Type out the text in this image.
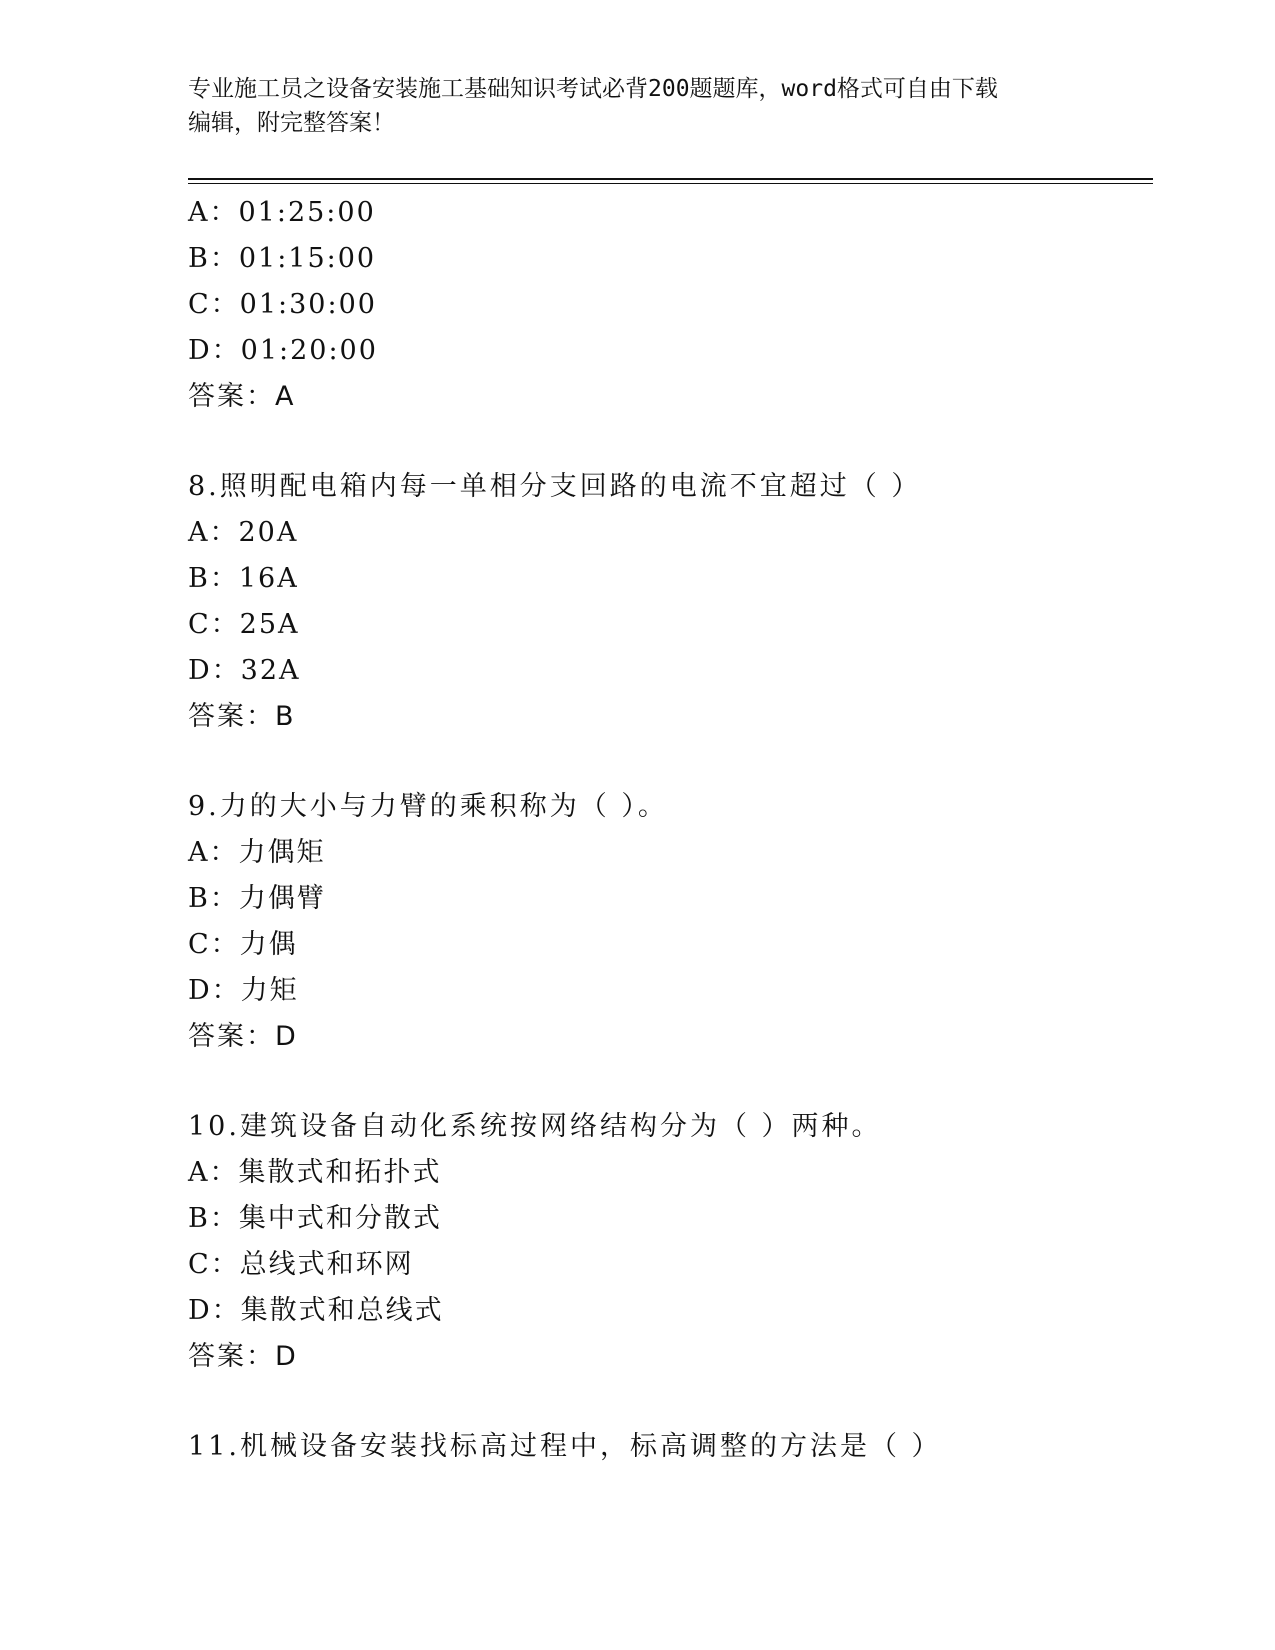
专业施工员之设备安装施工基础知识考试必背200题题库，word格式可自由下载
编辑，附完整答案！
A：01:25:00
B：01:15:00
C：01:30:00
D：01:20:00
答案：A
8.照明配电箱内每一单相分支回路的电流不宜超过（ ）
A：20A
B：16A
C：25A
D：32A
答案：B
9.力的大小与力臂的乘积称为（ ）。
A：力偶矩
B：力偶臂
C：力偶
D：力矩
答案：D
10.建筑设备自动化系统按网络结构分为（ ）两种。
A：集散式和拓扑式
B：集中式和分散式
C：总线式和环网
D：集散式和总线式
答案：D
11.机械设备安装找标高过程中，标高调整的方法是（ ）
